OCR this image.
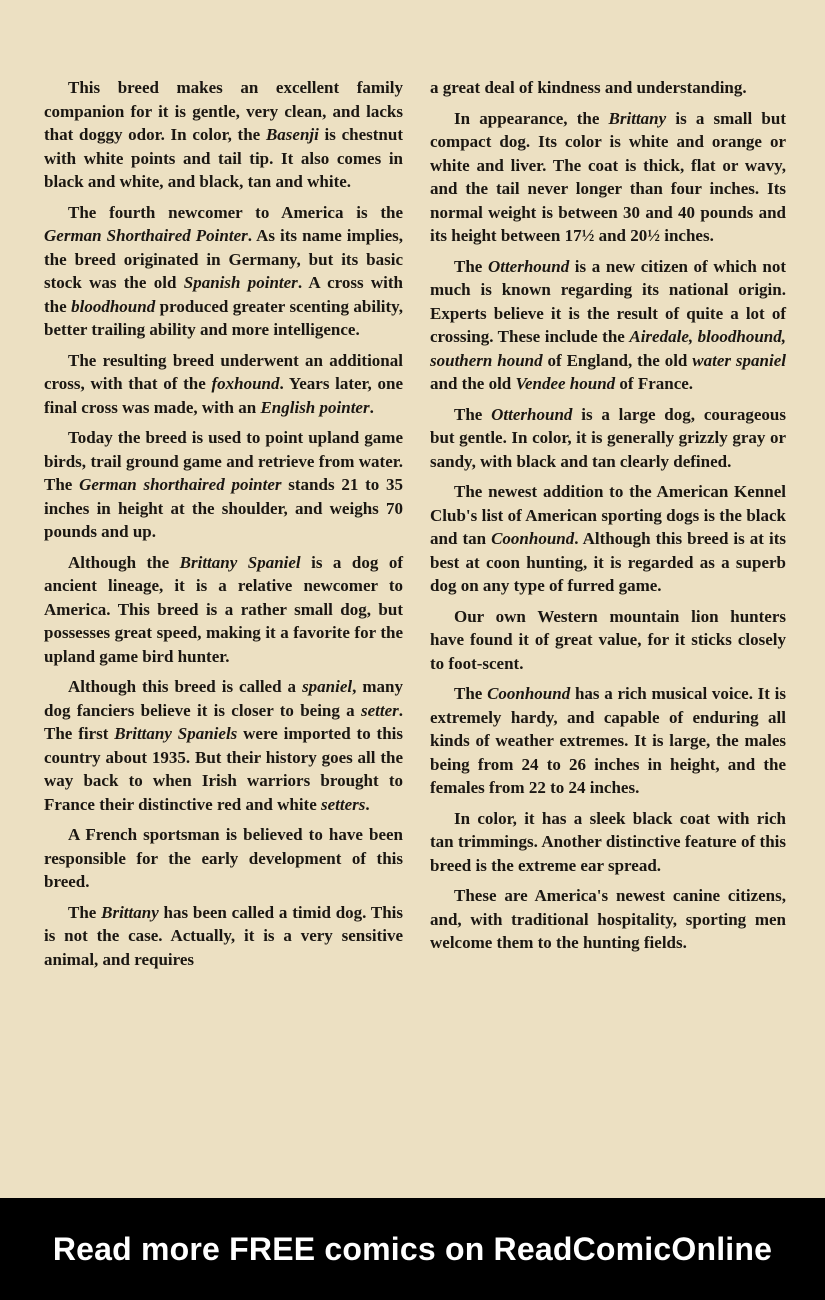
This breed makes an excellent family companion for it is gentle, very clean, and lacks that doggy odor. In color, the Basenji is chestnut with white points and tail tip. It also comes in black and white, and black, tan and white.

The fourth newcomer to America is the German Shorthaired Pointer. As its name implies, the breed originated in Germany, but its basic stock was the old Spanish pointer. A cross with the bloodhound produced greater scenting ability, better trailing ability and more intelligence.

The resulting breed underwent an additional cross, with that of the foxhound. Years later, one final cross was made, with an English pointer.

Today the breed is used to point upland game birds, trail ground game and retrieve from water. The German shorthaired pointer stands 21 to 35 inches in height at the shoulder, and weighs 70 pounds and up.

Although the Brittany Spaniel is a dog of ancient lineage, it is a relative newcomer to America. This breed is a rather small dog, but possesses great speed, making it a favorite for the upland game bird hunter.

Although this breed is called a spaniel, many dog fanciers believe it is closer to being a setter. The first Brittany Spaniels were imported to this country about 1935. But their history goes all the way back to when Irish warriors brought to France their distinctive red and white setters.

A French sportsman is believed to have been responsible for the early development of this breed.

The Brittany has been called a timid dog. This is not the case. Actually, it is a very sensitive animal, and requires

a great deal of kindness and understanding.

In appearance, the Brittany is a small but compact dog. Its color is white and orange or white and liver. The coat is thick, flat or wavy, and the tail never longer than four inches. Its normal weight is between 30 and 40 pounds and its height between 17½ and 20½ inches.

The Otterhound is a new citizen of which not much is known regarding its national origin. Experts believe it is the result of quite a lot of crossing. These include the Airedale, bloodhound, southern hound of England, the old water spaniel and the old Vendee hound of France.

The Otterhound is a large dog, courageous but gentle. In color, it is generally grizzly gray or sandy, with black and tan clearly defined.

The newest addition to the American Kennel Club's list of American sporting dogs is the black and tan Coonhound. Although this breed is at its best at coon hunting, it is regarded as a superb dog on any type of furred game.

Our own Western mountain lion hunters have found it of great value, for it sticks closely to foot-scent.

The Coonhound has a rich musical voice. It is extremely hardy, and capable of enduring all kinds of weather extremes. It is large, the males being from 24 to 26 inches in height, and the females from 22 to 24 inches.

In color, it has a sleek black coat with rich tan trimmings. Another distinctive feature of this breed is the extreme ear spread.

These are America's newest canine citizens, and, with traditional hospitality, sporting men welcome them to the hunting fields.

Read more FREE comics on ReadComicOnline
